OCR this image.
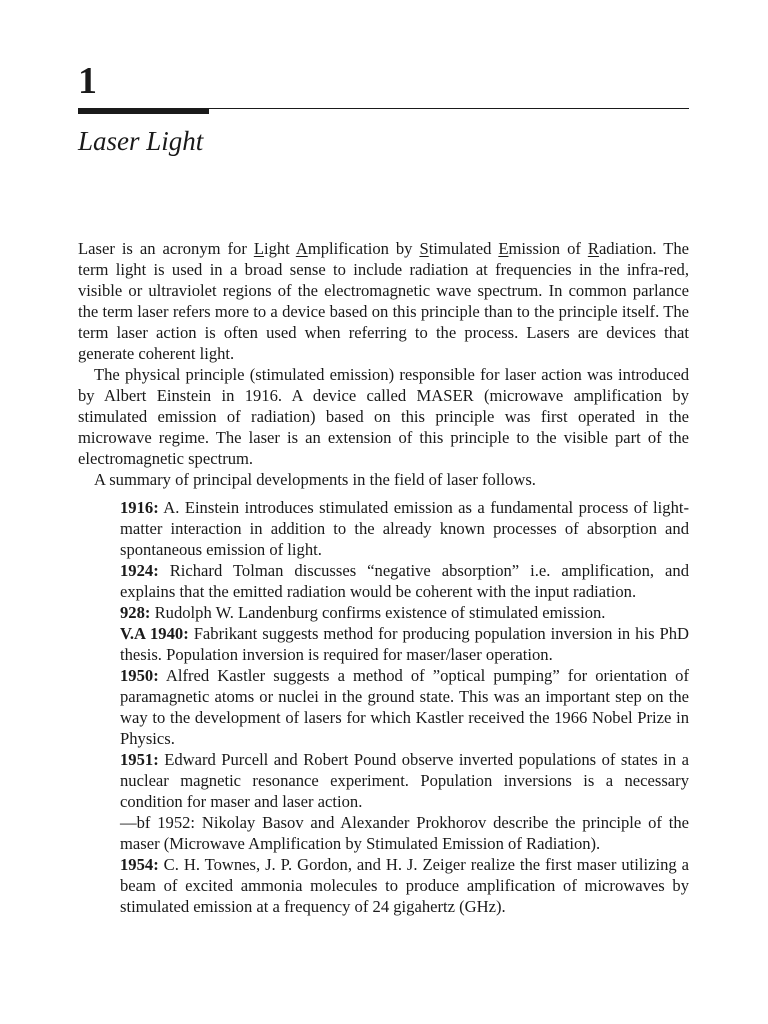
1
Laser Light

Laser is an acronym for Light Amplification by Stimulated Emission of Radiation. The term light is used in a broad sense to include radiation at frequencies in the infra-red, visible or ultraviolet regions of the electromagnetic wave spectrum. In common parlance the term laser refers more to a device based on this principle than to the principle itself. The term laser action is often used when referring to the process. Lasers are devices that generate coherent light.

The physical principle (stimulated emission) responsible for laser action was introduced by Albert Einstein in 1916. A device called MASER (microwave amplification by stimulated emission of radiation) based on this principle was first operated in the microwave regime. The laser is an extension of this principle to the visible part of the electromagnetic spectrum.

A summary of principal developments in the field of laser follows.

1916: A. Einstein introduces stimulated emission as a fundamental process of light-matter interaction in addition to the already known processes of absorption and spontaneous emission of light.

1924: Richard Tolman discusses “negative absorption” i.e. amplification, and explains that the emitted radiation would be coherent with the input radiation.

928: Rudolph W. Landenburg confirms existence of stimulated emission.

V.A 1940: Fabrikant suggests method for producing population inversion in his PhD thesis. Population inversion is required for maser/laser operation.

1950: Alfred Kastler suggests a method of ”optical pumping” for orientation of paramagnetic atoms or nuclei in the ground state. This was an important step on the way to the development of lasers for which Kastler received the 1966 Nobel Prize in Physics.

1951: Edward Purcell and Robert Pound observe inverted populations of states in a nuclear magnetic resonance experiment. Population inversions is a necessary condition for maser and laser action.

—bf 1952: Nikolay Basov and Alexander Prokhorov describe the principle of the maser (Microwave Amplification by Stimulated Emission of Radiation).

1954: C. H. Townes, J. P. Gordon, and H. J. Zeiger realize the first maser utilizing a beam of excited ammonia molecules to produce amplification of microwaves by stimulated emission at a frequency of 24 gigahertz (GHz).
